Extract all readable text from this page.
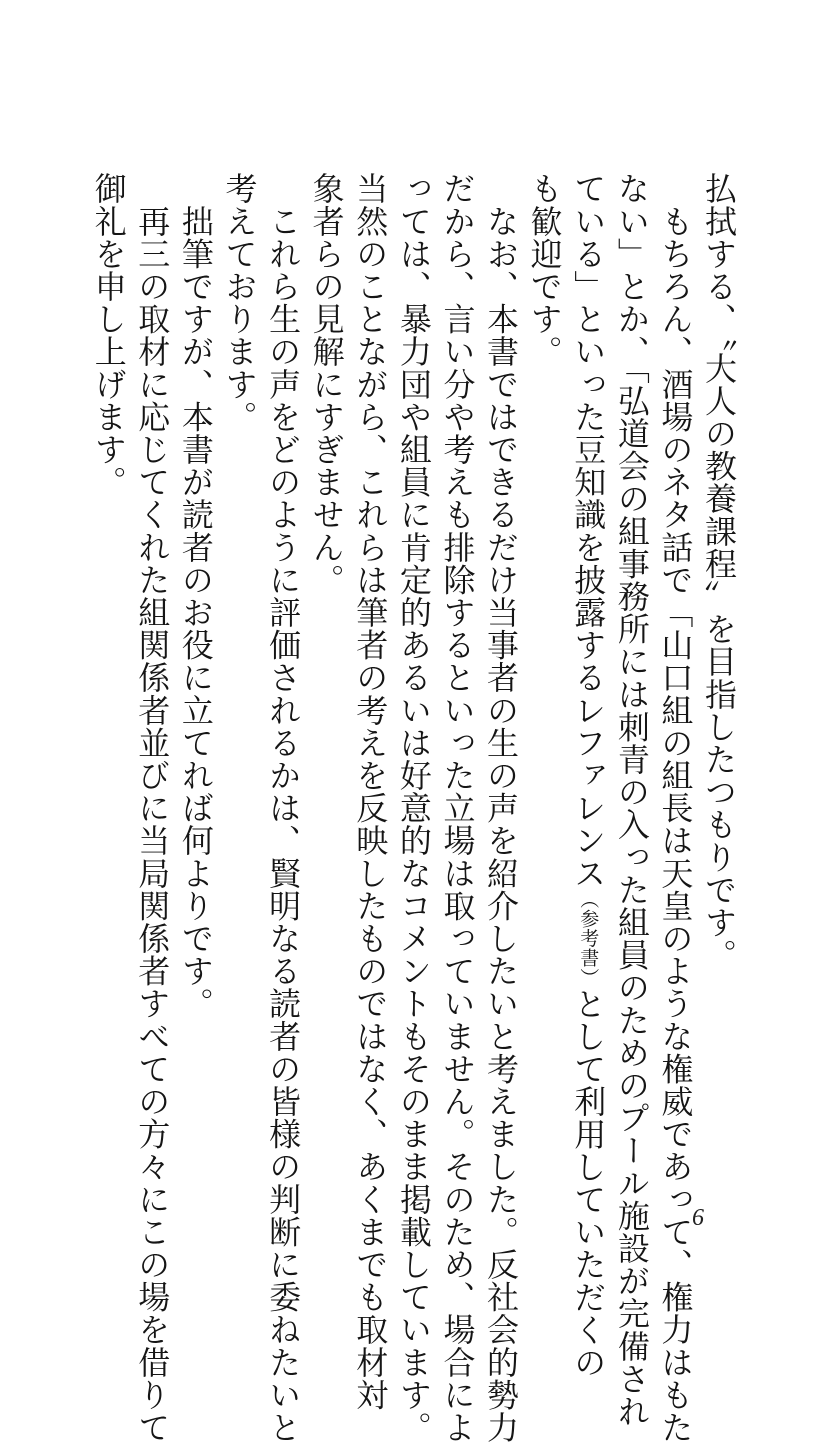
払拭する、〝大人の教養課程〟を目指したつもりです。
　もちろん、酒場のネタ話で「山口組の組長は天皇のような権威であって、権力はもた
ない」とか、「弘道会の組事務所には刺青の入った組員のためのプール施設が完備され
ている」といった豆知識を披露するレファレンス（参考書）として利用していただくの
も歓迎です。
　なお、本書ではできるだけ当事者の生の声を紹介したいと考えました。反社会的勢力
だから、言い分や考えも排除するといった立場は取っていません。そのため、場合によ
っては、暴力団や組員に肯定的あるいは好意的なコメントもそのまま掲載しています。
当然のことながら、これらは筆者の考えを反映したものではなく、あくまでも取材対
象者らの見解にすぎません。
　これら生の声をどのように評価されるかは、賢明なる読者の皆様の判断に委ねたいと
考えております。
　拙筆ですが、本書が読者のお役に立てれば何よりです。
　再三の取材に応じてくれた組関係者並びに当局関係者すべての方々にこの場を借りて
御礼を申し上げます。
6
